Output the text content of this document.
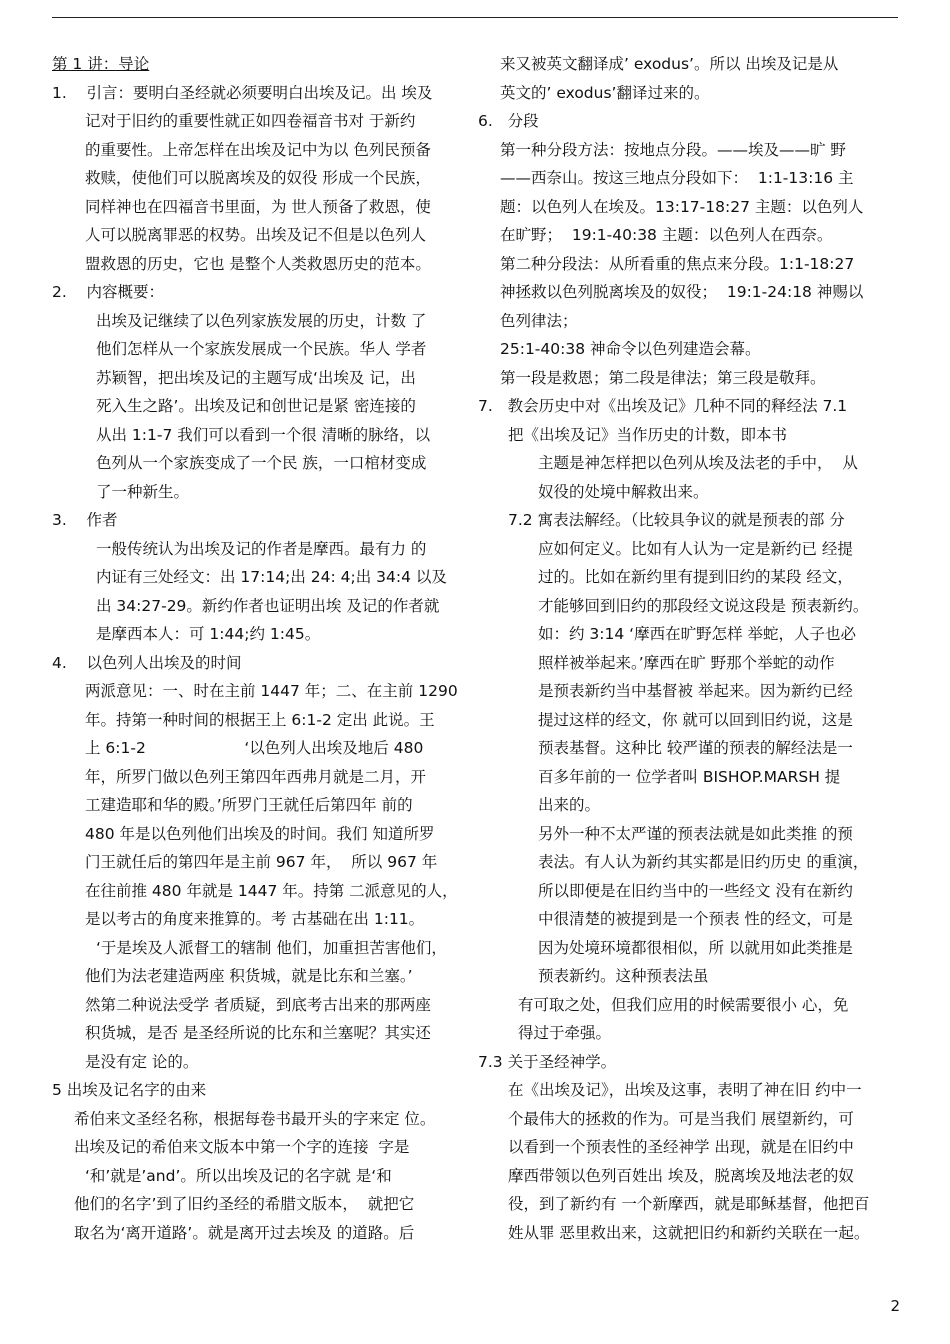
第 1 讲：导论
1.    引言：要明白圣经就必须要明白出埃及记。出 埃及
记对于旧约的重要性就正如四卷福音书对 于新约
的重要性。上帝怎样在出埃及记中为以 色列民预备
救赎，使他们可以脱离埃及的奴役 形成一个民族，
同样神也在四福音书里面，为 世人预备了救恩，使
人可以脱离罪恶的权势。出埃及记不但是以色列人
盟救恩的历史，它也 是整个人类救恩历史的范本。
2.    内容概要：
出埃及记继续了以色列家族发展的历史，计数 了
他们怎样从一个家族发展成一个民族。华人 学者
苏颖智，把出埃及记的主题写成‘出埃及 记，出
死入生之路’。出埃及记和创世记是紧 密连接的
从出 1:1-7 我们可以看到一个很 清晰的脉络，以
色列从一个家族变成了一个民 族，一口棺材变成
了一种新生。
3.    作者
一般传统认为出埃及记的作者是摩西。最有力 的
内证有三处经文：出 17:14;出 24: 4;出 34:4 以及
出 34:27-29。新约作者也证明出埃 及记的作者就
是摩西本人：可 1:44;约 1:45。
4.    以色列人出埃及的时间
两派意见：一、时在主前 1447 年；二、在主前 1290
年。持第一种时间的根据王上 6:1-2 定出 此说。王
上 6:1-2                    ‘以色列人出埃及地后 480
年，所罗门做以色列王第四年西弗月就是二月，开
工建造耶和华的殿。’所罗门王就任后第四年 前的
480 年是以色列他们出埃及的时间。我们 知道所罗
门王就任后的第四年是主前 967 年，  所以 967 年
在往前推 480 年就是 1447 年。持第 二派意见的人，
是以考古的角度来推算的。考 古基础在出 1:11。
‘于是埃及人派督工的辖制 他们，加重担苦害他们，
他们为法老建造两座 积货城，就是比东和兰塞。’
然第二种说法受学 者质疑，到底考古出来的那两座
积货城，是否 是圣经所说的比东和兰塞呢？其实还
是没有定 论的。
5 出埃及记名字的由来
希伯来文圣经名称，根据每卷书最开头的字来定 位。
出埃及记的希伯来文版本中第一个字的连接  字是
‘和’就是’and’。所以出埃及记的名字就 是‘和
他们的名字’到了旧约圣经的希腊文版本，  就把它
取名为‘离开道路’。就是离开过去埃及 的道路。后
来又被英文翻译成’ exodus’。所以 出埃及记是从
英文的’ exodus’翻译过来的。
6.   分段
第一种分段方法：按地点分段。——埃及——旷 野
——西奈山。按这三地点分段如下：  1:1-13:16 主
题：以色列人在埃及。13:17-18:27 主题：以色列人
在旷野；  19:1-40:38 主题：以色列人在西奈。
第二种分段法：从所看重的焦点来分段。1:1-18:27
神拯救以色列脱离埃及的奴役；  19:1-24:18 神赐以
色列律法；
25:1-40:38 神命令以色列建造会幕。
第一段是救恩；第二段是律法；第三段是敬拜。
7.   教会历史中对《出埃及记》几种不同的释经法 7.1
把《出埃及记》当作历史的计数，即本书
主题是神怎样把以色列从埃及法老的手中，  从
奴役的处境中解救出来。
7.2 寓表法解经。（比较具争议的就是预表的部 分
应如何定义。比如有人认为一定是新约已 经提
过的。比如在新约里有提到旧约的某段 经文，
才能够回到旧约的那段经文说这段是 预表新约。
如：约 3:14 ‘摩西在旷野怎样 举蛇，人子也必
照样被举起来。’摩西在旷 野那个举蛇的动作
是预表新约当中基督被 举起来。因为新约已经
提过这样的经文，你 就可以回到旧约说，这是
预表基督。这种比 较严谨的预表的解经法是一
百多年前的一 位学者叫 BISHOP.MARSH 提
出来的。
另外一种不太严谨的预表法就是如此类推 的预
表法。有人认为新约其实都是旧约历史 的重演，
所以即便是在旧约当中的一些经文 没有在新约
中很清楚的被提到是一个预表 性的经文，可是
因为处境环境都很相似，所 以就用如此类推是
预表新约。这种预表法虽
有可取之处，但我们应用的时候需要很小 心，免
得过于牵强。
7.3 关于圣经神学。
在《出埃及记》，出埃及这事，表明了神在旧 约中一
个最伟大的拯救的作为。可是当我们 展望新约，可
以看到一个预表性的圣经神学 出现，就是在旧约中
摩西带领以色列百姓出 埃及，脱离埃及地法老的奴
役，到了新约有 一个新摩西，就是耶稣基督，他把百
姓从罪 恶里救出来，这就把旧约和新约关联在一起。
2
